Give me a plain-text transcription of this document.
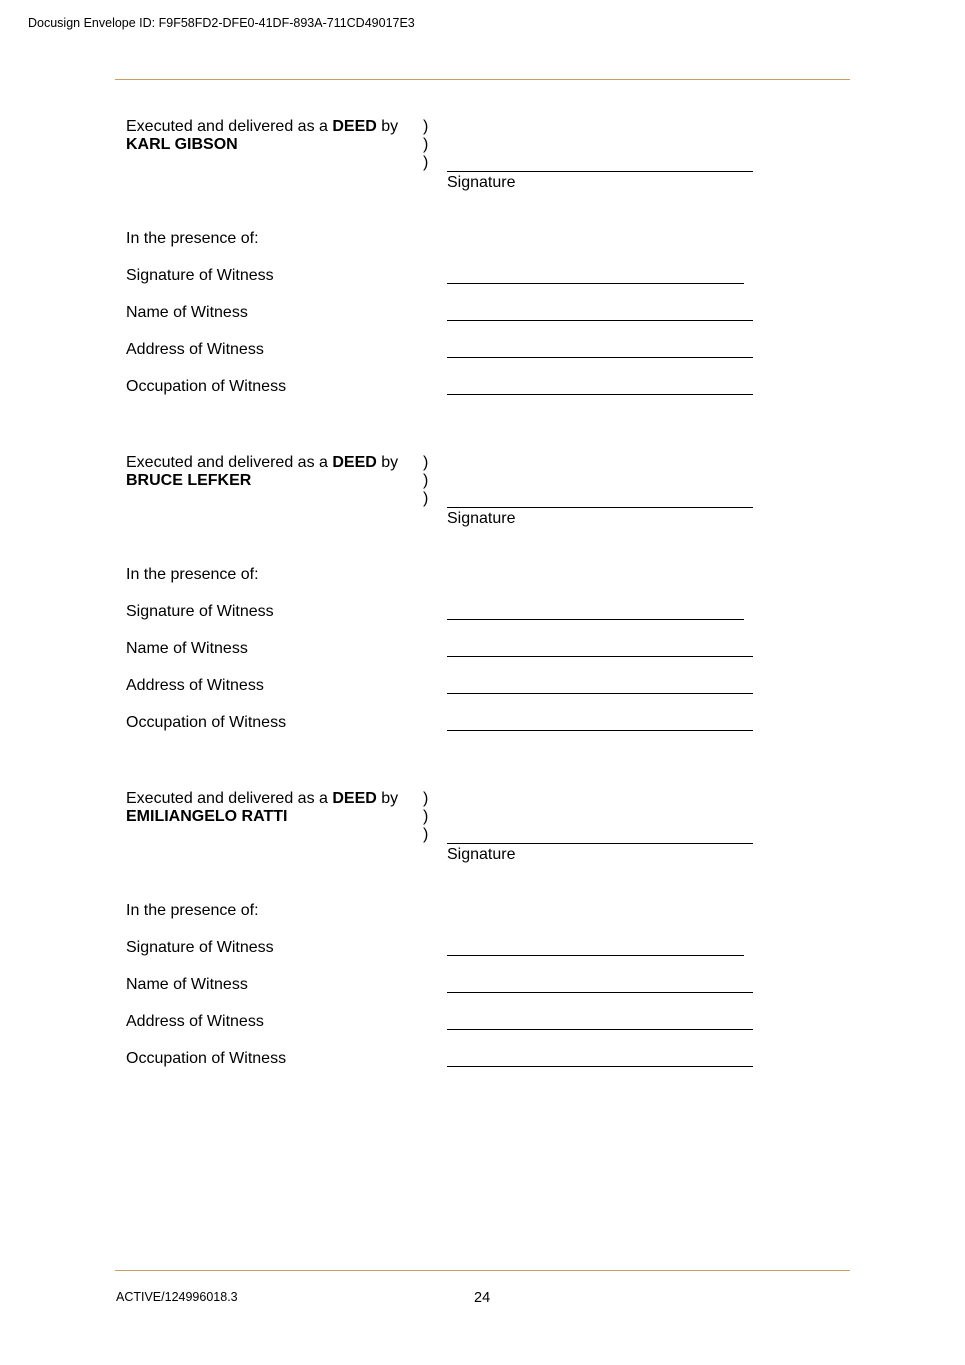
Docusign Envelope ID: F9F58FD2-DFE0-41DF-893A-711CD49017E3
Executed and delivered as a DEED by
KARL GIBSON
)
)
)
Signature
In the presence of:
Signature of Witness
Name of Witness
Address of Witness
Occupation of Witness
Executed and delivered as a DEED by
BRUCE LEFKER
)
)
)
Signature
In the presence of:
Signature of Witness
Name of Witness
Address of Witness
Occupation of Witness
Executed and delivered as a DEED by
EMILIANGELO RATTI
)
)
)
Signature
In the presence of:
Signature of Witness
Name of Witness
Address of Witness
Occupation of Witness
ACTIVE/124996018.3	24
